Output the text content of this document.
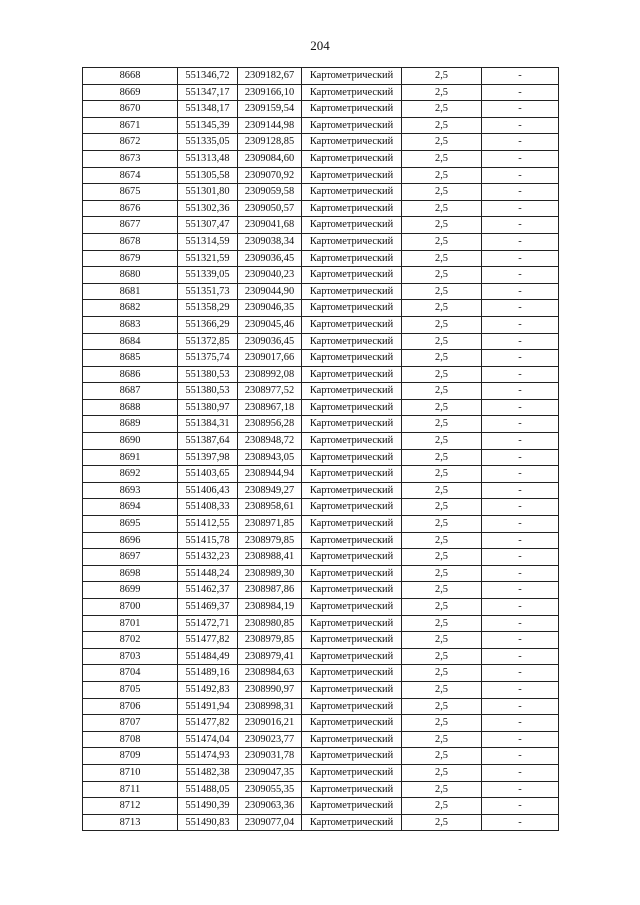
204
8668	551346,72	2309182,67	Картометрический	2,5	-
8669	551347,17	2309166,10	Картометрический	2,5	-
8670	551348,17	2309159,54	Картометрический	2,5	-
8671	551345,39	2309144,98	Картометрический	2,5	-
8672	551335,05	2309128,85	Картометрический	2,5	-
8673	551313,48	2309084,60	Картометрический	2,5	-
8674	551305,58	2309070,92	Картометрический	2,5	-
8675	551301,80	2309059,58	Картометрический	2,5	-
8676	551302,36	2309050,57	Картометрический	2,5	-
8677	551307,47	2309041,68	Картометрический	2,5	-
8678	551314,59	2309038,34	Картометрический	2,5	-
8679	551321,59	2309036,45	Картометрический	2,5	-
8680	551339,05	2309040,23	Картометрический	2,5	-
8681	551351,73	2309044,90	Картометрический	2,5	-
8682	551358,29	2309046,35	Картометрический	2,5	-
8683	551366,29	2309045,46	Картометрический	2,5	-
8684	551372,85	2309036,45	Картометрический	2,5	-
8685	551375,74	2309017,66	Картометрический	2,5	-
8686	551380,53	2308992,08	Картометрический	2,5	-
8687	551380,53	2308977,52	Картометрический	2,5	-
8688	551380,97	2308967,18	Картометрический	2,5	-
8689	551384,31	2308956,28	Картометрический	2,5	-
8690	551387,64	2308948,72	Картометрический	2,5	-
8691	551397,98	2308943,05	Картометрический	2,5	-
8692	551403,65	2308944,94	Картометрический	2,5	-
8693	551406,43	2308949,27	Картометрический	2,5	-
8694	551408,33	2308958,61	Картометрический	2,5	-
8695	551412,55	2308971,85	Картометрический	2,5	-
8696	551415,78	2308979,85	Картометрический	2,5	-
8697	551432,23	2308988,41	Картометрический	2,5	-
8698	551448,24	2308989,30	Картометрический	2,5	-
8699	551462,37	2308987,86	Картометрический	2,5	-
8700	551469,37	2308984,19	Картометрический	2,5	-
8701	551472,71	2308980,85	Картометрический	2,5	-
8702	551477,82	2308979,85	Картометрический	2,5	-
8703	551484,49	2308979,41	Картометрический	2,5	-
8704	551489,16	2308984,63	Картометрический	2,5	-
8705	551492,83	2308990,97	Картометрический	2,5	-
8706	551491,94	2308998,31	Картометрический	2,5	-
8707	551477,82	2309016,21	Картометрический	2,5	-
8708	551474,04	2309023,77	Картометрический	2,5	-
8709	551474,93	2309031,78	Картометрический	2,5	-
8710	551482,38	2309047,35	Картометрический	2,5	-
8711	551488,05	2309055,35	Картометрический	2,5	-
8712	551490,39	2309063,36	Картометрический	2,5	-
8713	551490,83	2309077,04	Картометрический	2,5	-
